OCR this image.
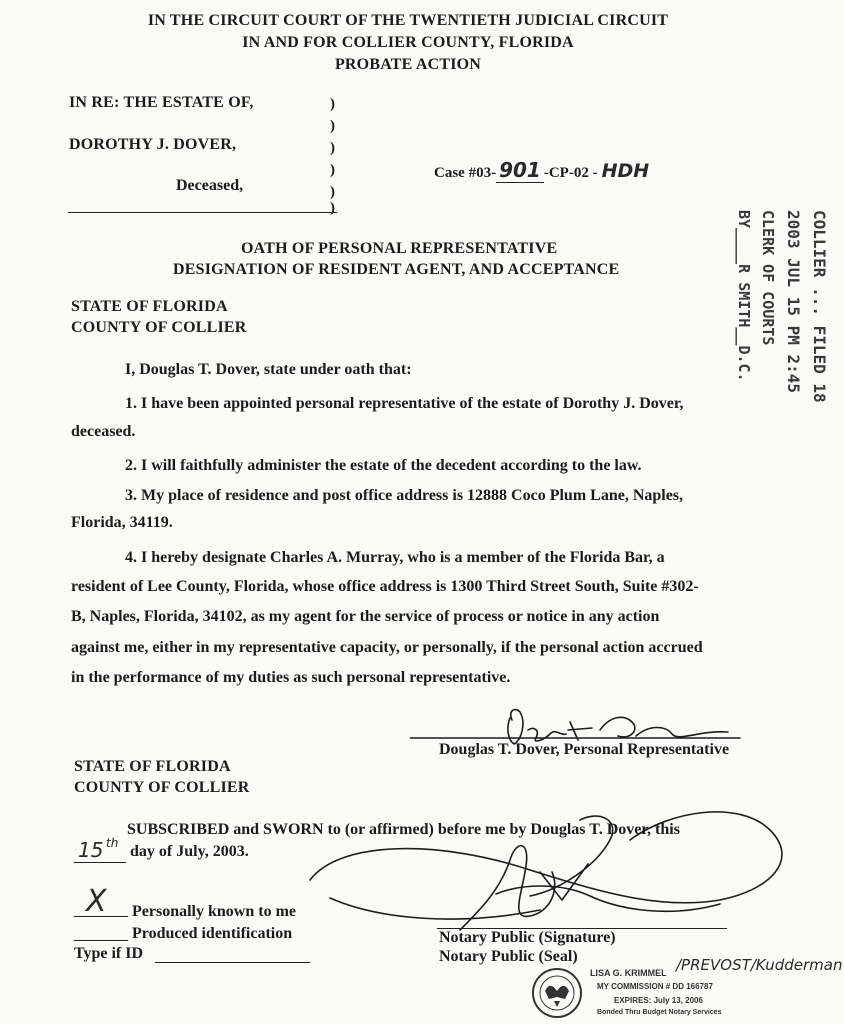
IN THE CIRCUIT COURT OF THE TWENTIETH JUDICIAL CIRCUIT
IN AND FOR COLLIER COUNTY, FLORIDA
PROBATE ACTION
IN RE: THE ESTATE OF,
DOROTHY J. DOVER,
Deceased,
)
)
)
)
)
)
Case #03- 901 -CP-02 - HDH
OATH OF PERSONAL REPRESENTATIVE
DESIGNATION OF RESIDENT AGENT, AND ACCEPTANCE	COLLIER ... FILED 18
2003 JUL 15 PM 2:45
CLERK OF COURTS
BY____R SMITH__D.C.
STATE OF FLORIDA
COUNTY OF COLLIER
I, Douglas T. Dover, state under oath that:
1. I have been appointed personal representative of the estate of Dorothy J. Dover,
deceased.
2. I will faithfully administer the estate of the decedent according to the law.
3. My place of residence and post office address is 12888 Coco Plum Lane, Naples,
Florida, 34119.
4. I hereby designate Charles A. Murray, who is a member of the Florida Bar, a
resident of Lee County, Florida, whose office address is 1300 Third Street South, Suite #302-
B, Naples, Florida, 34102, as my agent for the service of process or notice in any action
against me, either in my representative capacity, or personally, if the personal action accrued
in the performance of my duties as such personal representative.
Douglas T. Dover, Personal Representative
STATE OF FLORIDA
COUNTY OF COLLIER
SUBSCRIBED and SWORN to (or affirmed) before me by Douglas T. Dover, this
15 th day of July, 2003.
X Personally known to me
Produced identification
Type if ID
Notary Public (Signature)
Notary Public (Seal)
LISA G. KRIMMEL /PREVOST/Kudderman
MY COMMISSION # DD 166787
EXPIRES: July 13, 2006
Bonded Thru Budget Notary Services
